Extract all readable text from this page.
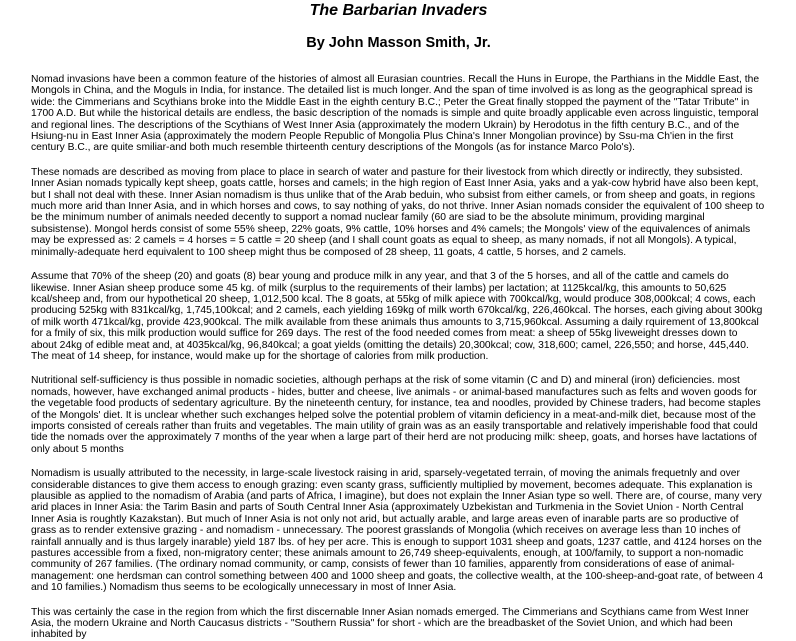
The Barbarian Invaders
By John Masson Smith, Jr.

Nomad invasions have been a common feature of the histories of almost all Eurasian countries. Recall the Huns in Europe, the Parthians in the Middle East, the Mongols in China, and the Moguls in India, for instance. The detailed list is much longer. And the span of time involved is as long as the geographical spread is wide: the Cimmerians and Scythians broke into the Middle East in the eighth century B.C.; Peter the Great finally stopped the payment of the "Tatar Tribute" in 1700 A.D. But while the historical details are endless, the basic description of the nomads is simple and quite broadly applicable even across linguistic, temporal and regional lines. The descriptions of the Scythians of West Inner Asia (approximately the modern Ukrain) by Herodotus in the fifth century B.C., and of the Hsiung-nu in East Inner Asia (approximately the modern People Republic of Mongolia Plus China's Inner Mongolian province) by Ssu-ma Ch'ien in the first century B.C., are quite smiliar-and both much resemble thirteenth century descriptions of the Mongols (as for instance Marco Polo's).

These nomads are described as moving from place to place in search of water and pasture for their livestock from which directly or indirectly, they subsisted. Inner Asian nomads typically kept sheep, goats cattle, horses and camels; in the high region of East Inner Asia, yaks and a yak-cow hybrid have also been kept, but I shall not deal with these. Inner Asian nomadism is thus unlike that of the Arab beduin, who subsist from either camels, or from sheep and goats, in regions much more arid than Inner Asia, and in which horses and cows, to say nothing of yaks, do not thrive. Inner Asian nomads consider the equivalent of 100 sheep to be the minimum number of animals needed decently to support a nomad nuclear family (60 are siad to be the absolute minimum, providing marginal subsistense). Mongol herds consist of some 55% sheep, 22% goats, 9% cattle, 10% horses and 4% camels; the Mongols' view of the equivalences of animals may be expressed as: 2 camels = 4 horses = 5 cattle = 20 sheep (and I shall count goats as equal to sheep, as many nomads, if not all Mongols). A typical, minimally-adequate herd equivalent to 100 sheep might thus be composed of 28 sheep, 11 goats, 4 cattle, 5 horses, and 2 camels.

Assume that 70% of the sheep (20) and goats (8) bear young and produce milk in any year, and that 3 of the 5 horses, and all of the cattle and camels do likewise. Inner Asian sheep produce some 45 kg. of milk (surplus to the requirements of their lambs) per lactation; at 1125kcal/kg, this amounts to 50,625 kcal/sheep and, from our hypothetical 20 sheep, 1,012,500 kcal. The 8 goats, at 55kg of milk apiece with 700kcal/kg, would produce 308,000kcal; 4 cows, each producing 525kg with 831kcal/kg, 1,745,100kcal; and 2 camels, each yielding 169kg of milk worth 670kcal/kg, 226,460kcal. The horses, each giving about 300kg of milk worth 471kcal/kg, provide 423,900kcal. The milk available from these animals thus amounts to 3,715,960kcal. Assuming a daily rquirement of 13,800kcal for a fmily of six, this milk production would suffice for 269 days. The rest of the food needed comes from meat: a sheep of 55kg liveweight dresses down to about 24kg of edible meat and, at 4035kcal/kg, 96,840kcal; a goat yields (omitting the details) 20,300kcal; cow, 318,600; camel, 226,550; and horse, 445,440. The meat of 14 sheep, for instance, would make up for the shortage of calories from milk production.

Nutritional self-sufficiency is thus possible in nomadic societies, although perhaps at the risk of some vitamin (C and D) and mineral (iron) deficiencies. most nomads, however, have exchanged animal products - hides, butter and cheese, live animals - or animal-based manufactures such as felts and woven goods for the vegetable food products of sedentary agriculture. By the nineteenth century, for instance, tea and noodles, provided by Chinese traders, had become staples of the Mongols' diet. It is unclear whether such exchanges helped solve the potential problem of vitamin deficiency in a meat-and-milk diet, because most of the imports consisted of cereals rather than fruits and vegetables. The main utility of grain was as an easily transportable and relatively imperishable food that could tide the nomads over the approximately 7 months of the year when a large part of their herd are not producing milk: sheep, goats, and horses have lactations of only about 5 months

Nomadism is usually attributed to the necessity, in large-scale livestock raising in arid, sparsely-vegetated terrain, of moving the animals frequetnly and over considerable distances to give them access to enough grazing: even scanty grass, sufficiently multiplied by movement, becomes adequate. This explanation is plausible as applied to the nomadism of Arabia (and parts of Africa, I imagine), but does not explain the Inner Asian type so well. There are, of course, many very arid places in Inner Asia: the Tarim Basin and parts of South Central Inner Asia (approximately Uzbekistan and Turkmenia in the Soviet Union - North Central Inner Asia is roughtly Kazakstan). But much of Inner Asia is not only not arid, but actually arable, and large areas even of inarable parts are so productive of grass as to render extensive grazing - and nomadism - unnecessary. The poorest grasslands of Mongolia (which receives on average less than 10 inches of rainfall annually and is thus largely inarable) yield 187 lbs. of hey per acre. This is enough to support 1031 sheep and goats, 1237 cattle, and 4124 horses on the pastures accessible from a fixed, non-migratory center; these animals amount to 26,749 sheep-equivalents, enough, at 100/family, to support a non-nomadic community of 267 families. (The ordinary nomad community, or camp, consists of fewer than 10 families, apparently from considerations of ease of animal-management: one herdsman can control something between 400 and 1000 sheep and goats, the collective wealth, at the 100-sheep-and-goat rate, of between 4 and 10 families.) Nomadism thus seems to be ecologically unnecessary in most of Inner Asia.

This was certainly the case in the region from which the first discernable Inner Asian nomads emerged. The Cimmerians and Scythians came from West Inner Asia, the modern Ukraine and North Caucasus districts - "Southern Russia" for short - which are the breadbasket of the Soviet Union, and which had been inhabited by
